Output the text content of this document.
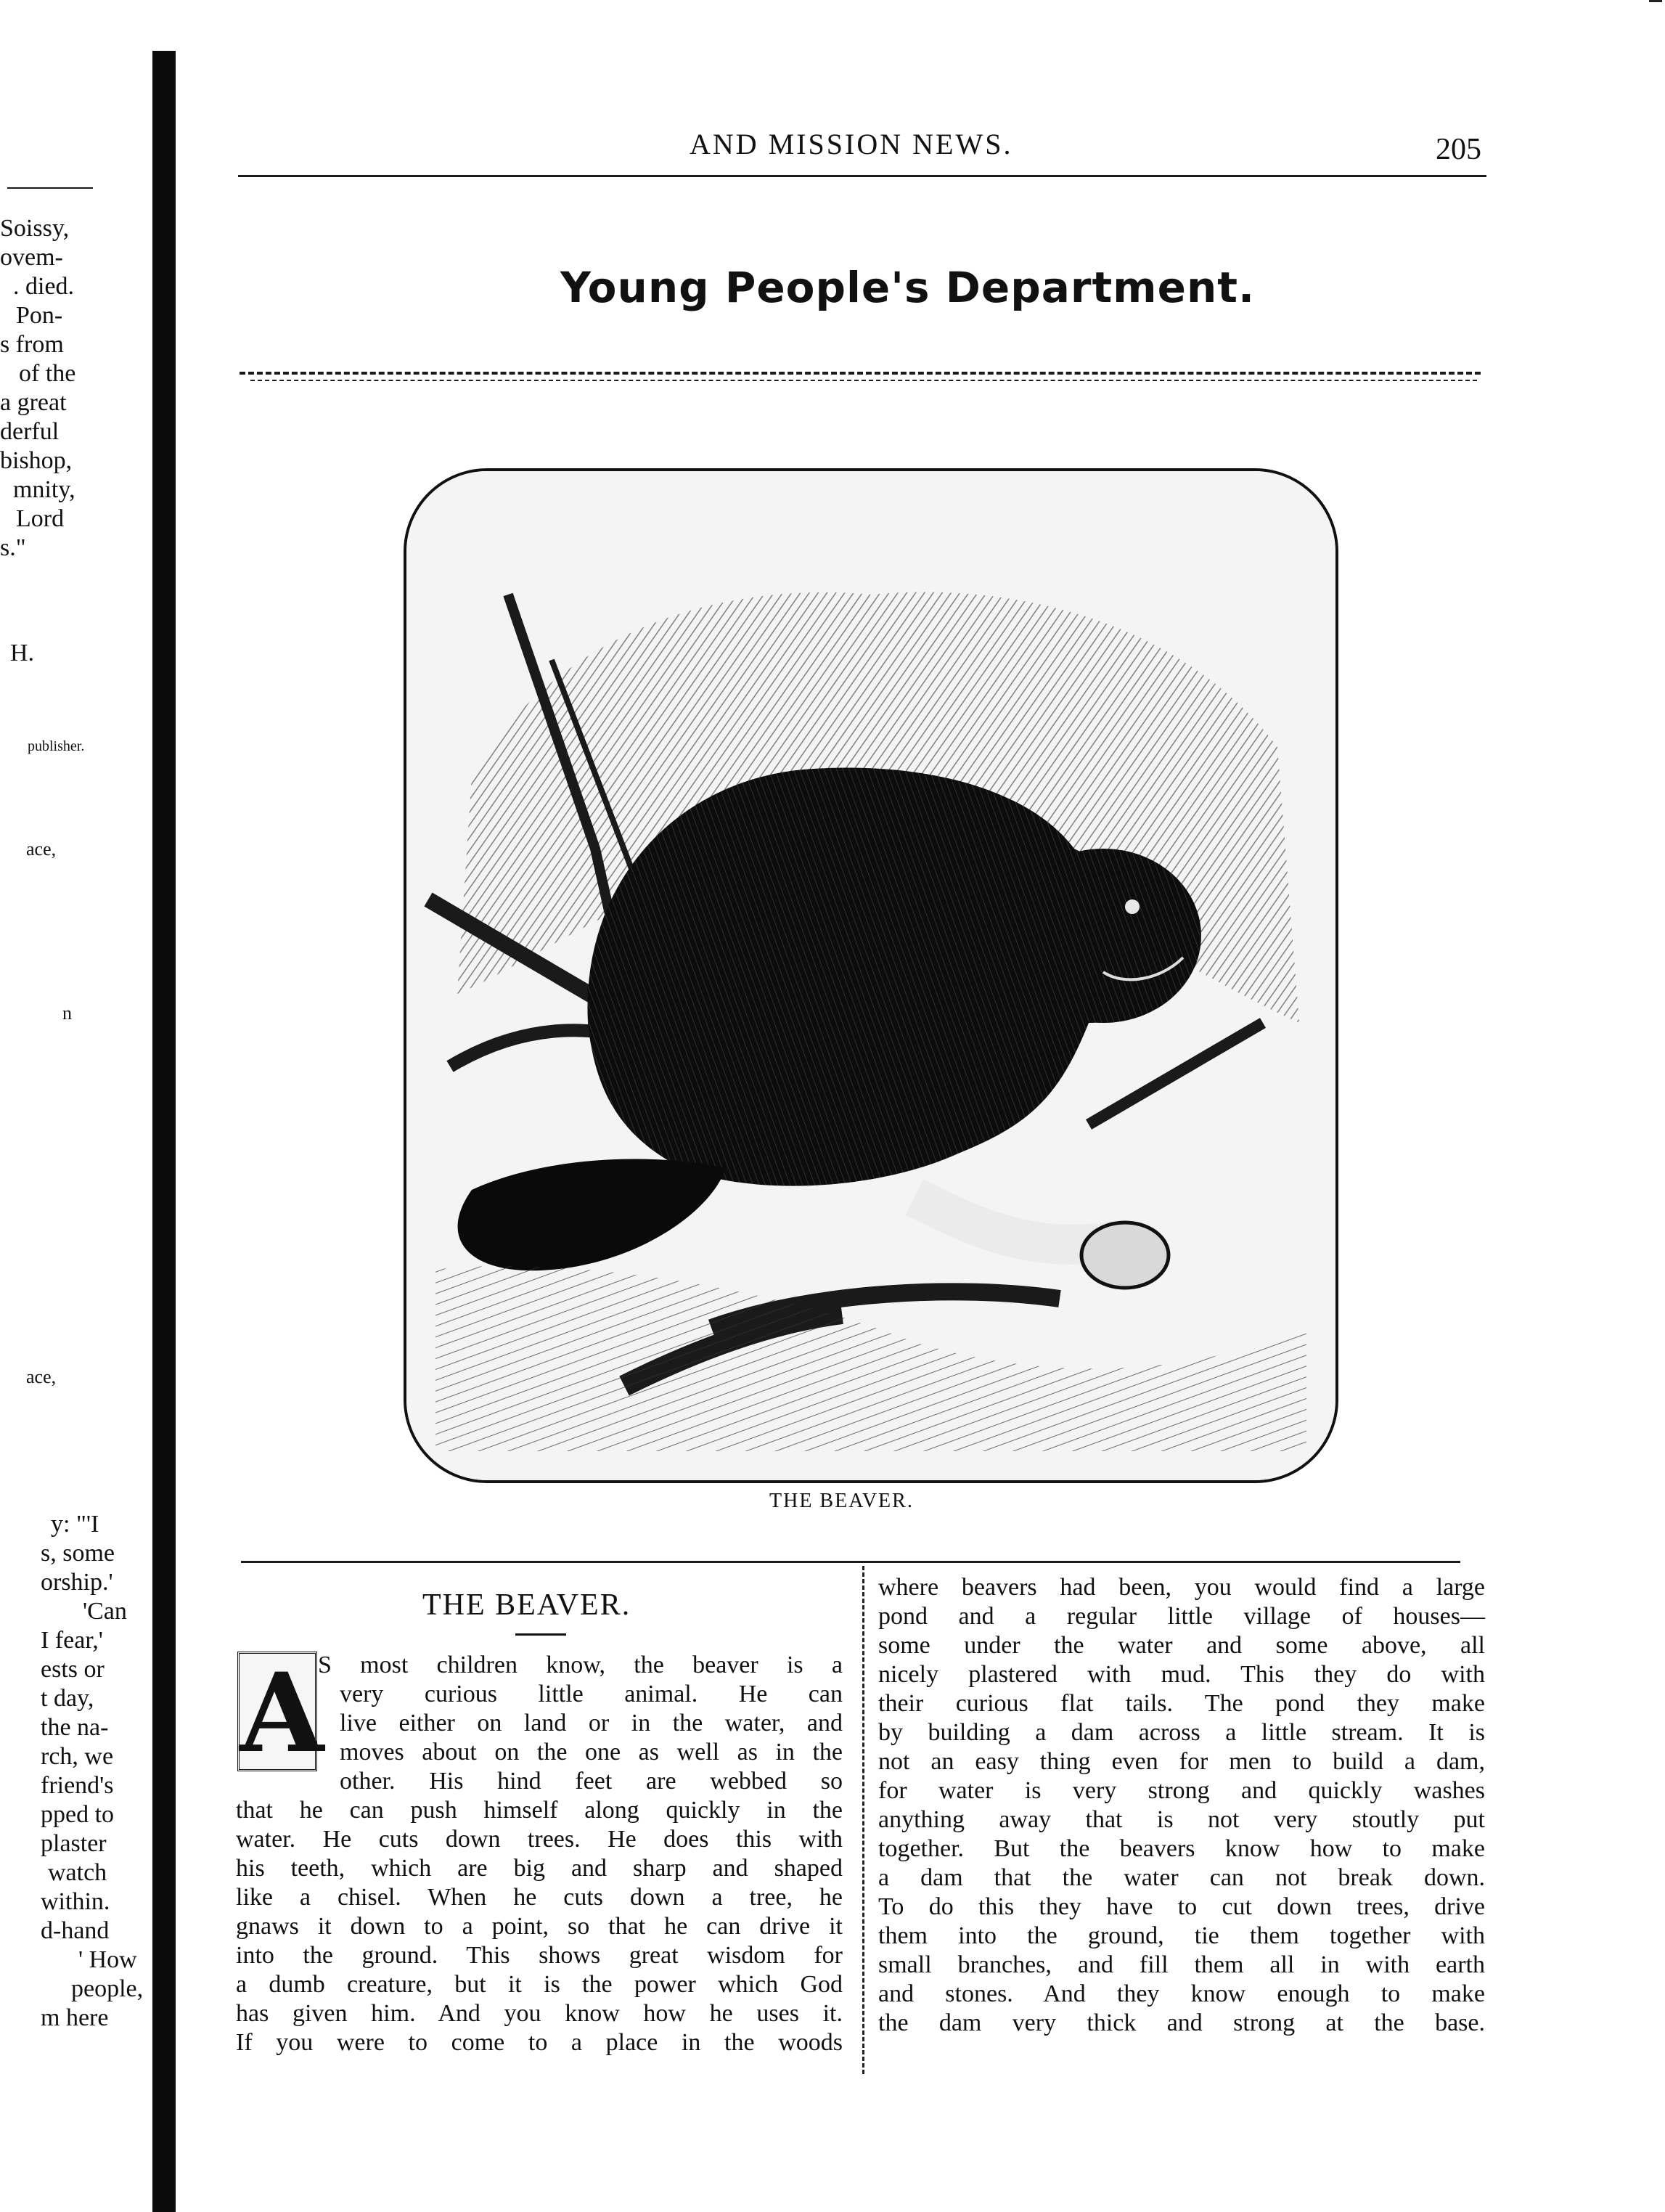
Soissy,
ovem-
. died.
Pon-
s from
of the
a great
derful
bishop,
mnity,
Lord
s."
H.
publisher.
ace,
n
ace,
y: "'I
s, some
orship.'
'Can
I fear,'
ests or
t day,
the na-
rch, we
friend's
pped to
plaster
watch
within.
d-hand
' How
people,
m here
AND MISSION NEWS.	205
Young People's Department.
THE BEAVER.
THE BEAVER.
A
S most children know, the beaver is a
very curious little animal. He can
live either on land or in the water, and
moves about on the one as well as in the
other. His hind feet are webbed so
that he can push himself along quickly in the
water. He cuts down trees. He does this with
his teeth, which are big and sharp and shaped
like a chisel. When he cuts down a tree, he
gnaws it down to a point, so that he can drive it
into the ground. This shows great wisdom for
a dumb creature, but it is the power which God
has given him. And you know how he uses it.
If you were to come to a place in the woods
where beavers had been, you would find a large
pond and a regular little village of houses—
some under the water and some above, all
nicely plastered with mud. This they do with
their curious flat tails. The pond they make
by building a dam across a little stream. It is
not an easy thing even for men to build a dam,
for water is very strong and quickly washes
anything away that is not very stoutly put
together. But the beavers know how to make
a dam that the water can not break down.
To do this they have to cut down trees, drive
them into the ground, tie them together with
small branches, and fill them all in with earth
and stones. And they know enough to make
the dam very thick and strong at the base.
